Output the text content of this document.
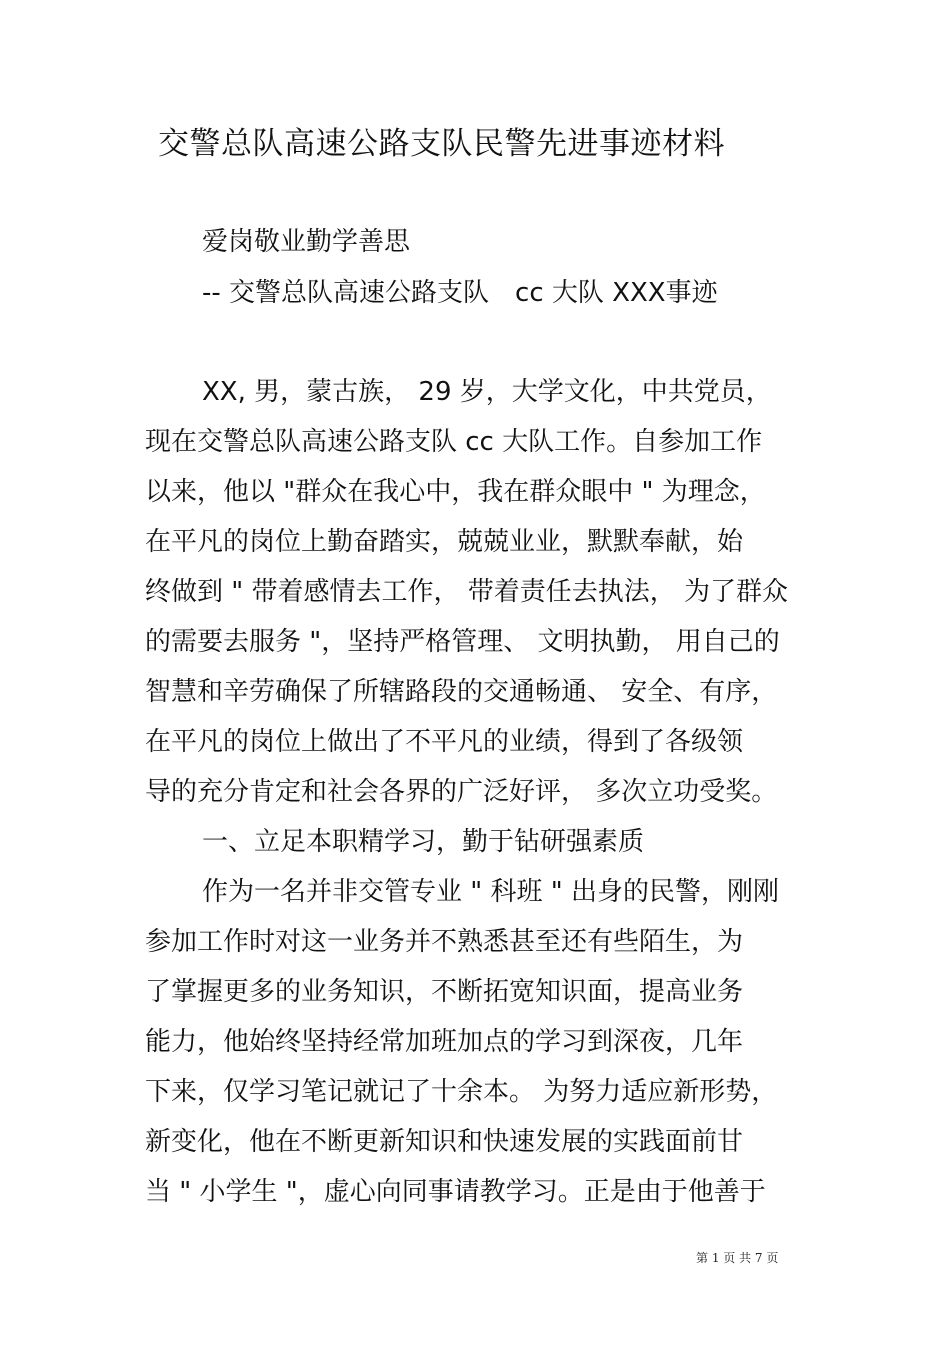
交警总队高速公路支队民警先进事迹材料
爱岗敬业勤学善思
-- 交警总队高速公路支队　cc 大队 XXX事迹
XX, 男，蒙古族， 29 岁，大学文化，中共党员，
现在交警总队高速公路支队 cc 大队工作。自参加工作
以来，他以 "群众在我心中，我在群众眼中 " 为理念，
在平凡的岗位上勤奋踏实，兢兢业业，默默奉献，始
终做到 " 带着感情去工作， 带着责任去执法， 为了群众
的需要去服务 "，坚持严格管理、 文明执勤， 用自己的
智慧和辛劳确保了所辖路段的交通畅通、 安全、有序，
在平凡的岗位上做出了不平凡的业绩，得到了各级领
导的充分肯定和社会各界的广泛好评， 多次立功受奖。
一、立足本职精学习，勤于钻研强素质
作为一名并非交管专业 " 科班 " 出身的民警，刚刚
参加工作时对这一业务并不熟悉甚至还有些陌生，为
了掌握更多的业务知识，不断拓宽知识面，提高业务
能力，他始终坚持经常加班加点的学习到深夜，几年
下来，仅学习笔记就记了十余本。 为努力适应新形势，
新变化，他在不断更新知识和快速发展的实践面前甘
当 " 小学生 "，虚心向同事请教学习。正是由于他善于
第 1 页 共 7 页
